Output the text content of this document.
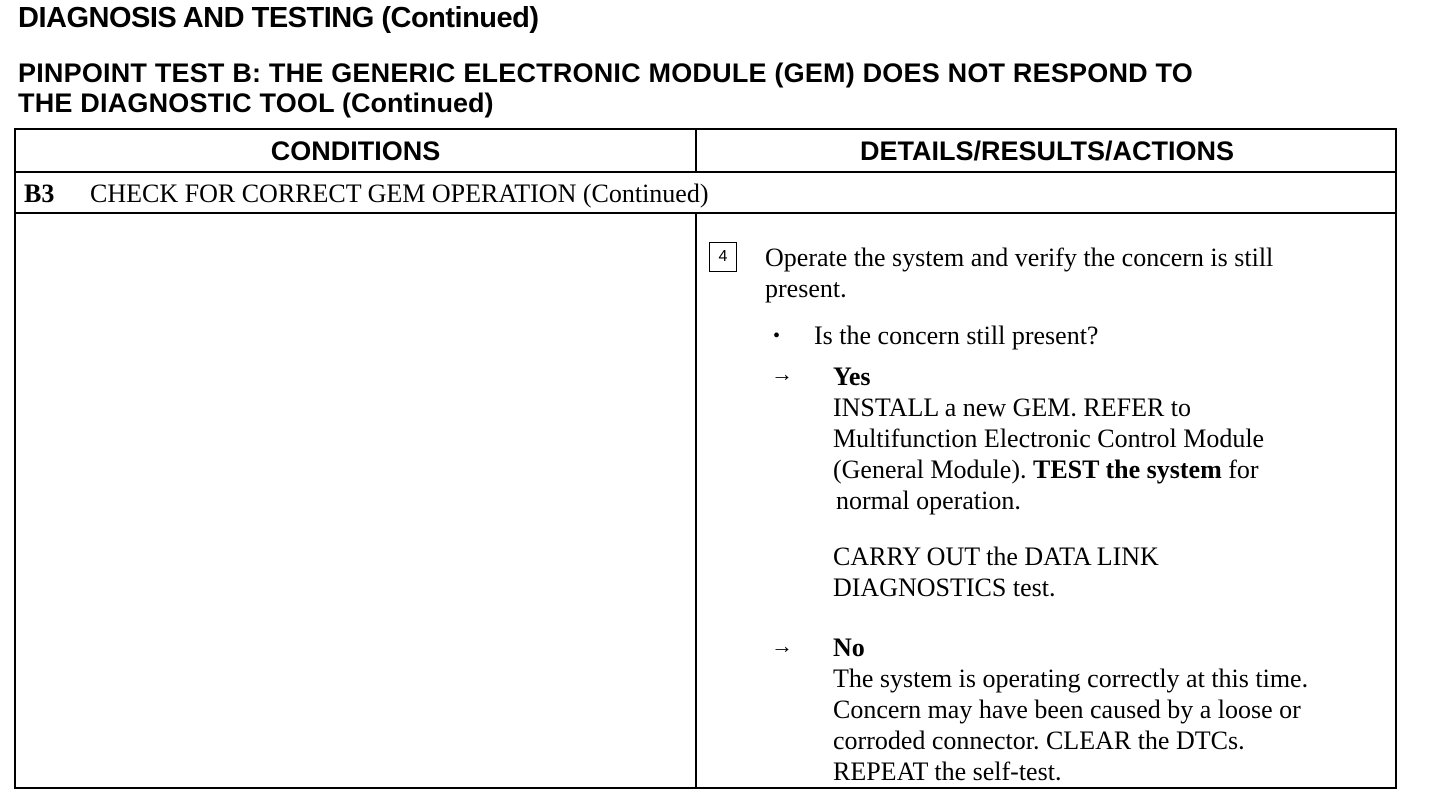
DIAGNOSIS AND TESTING (Continued)
PINPOINT TEST B: THE GENERIC ELECTRONIC MODULE (GEM) DOES NOT RESPOND TO
THE DIAGNOSTIC TOOL (Continued)
CONDITIONS	DETAILS/RESULTS/ACTIONS
B3 CHECK FOR CORRECT GEM OPERATION (Continued)
4	Operate the system and verify the concern is still
present.
• Is the concern still present?
→ Yes
INSTALL a new GEM. REFER to
Multifunction Electronic Control Module
(General Module). TEST the system for
normal operation.
CARRY OUT the DATA LINK
DIAGNOSTICS test.
→ No
The system is operating correctly at this time.
Concern may have been caused by a loose or
corroded connector. CLEAR the DTCs.
REPEAT the self-test.
